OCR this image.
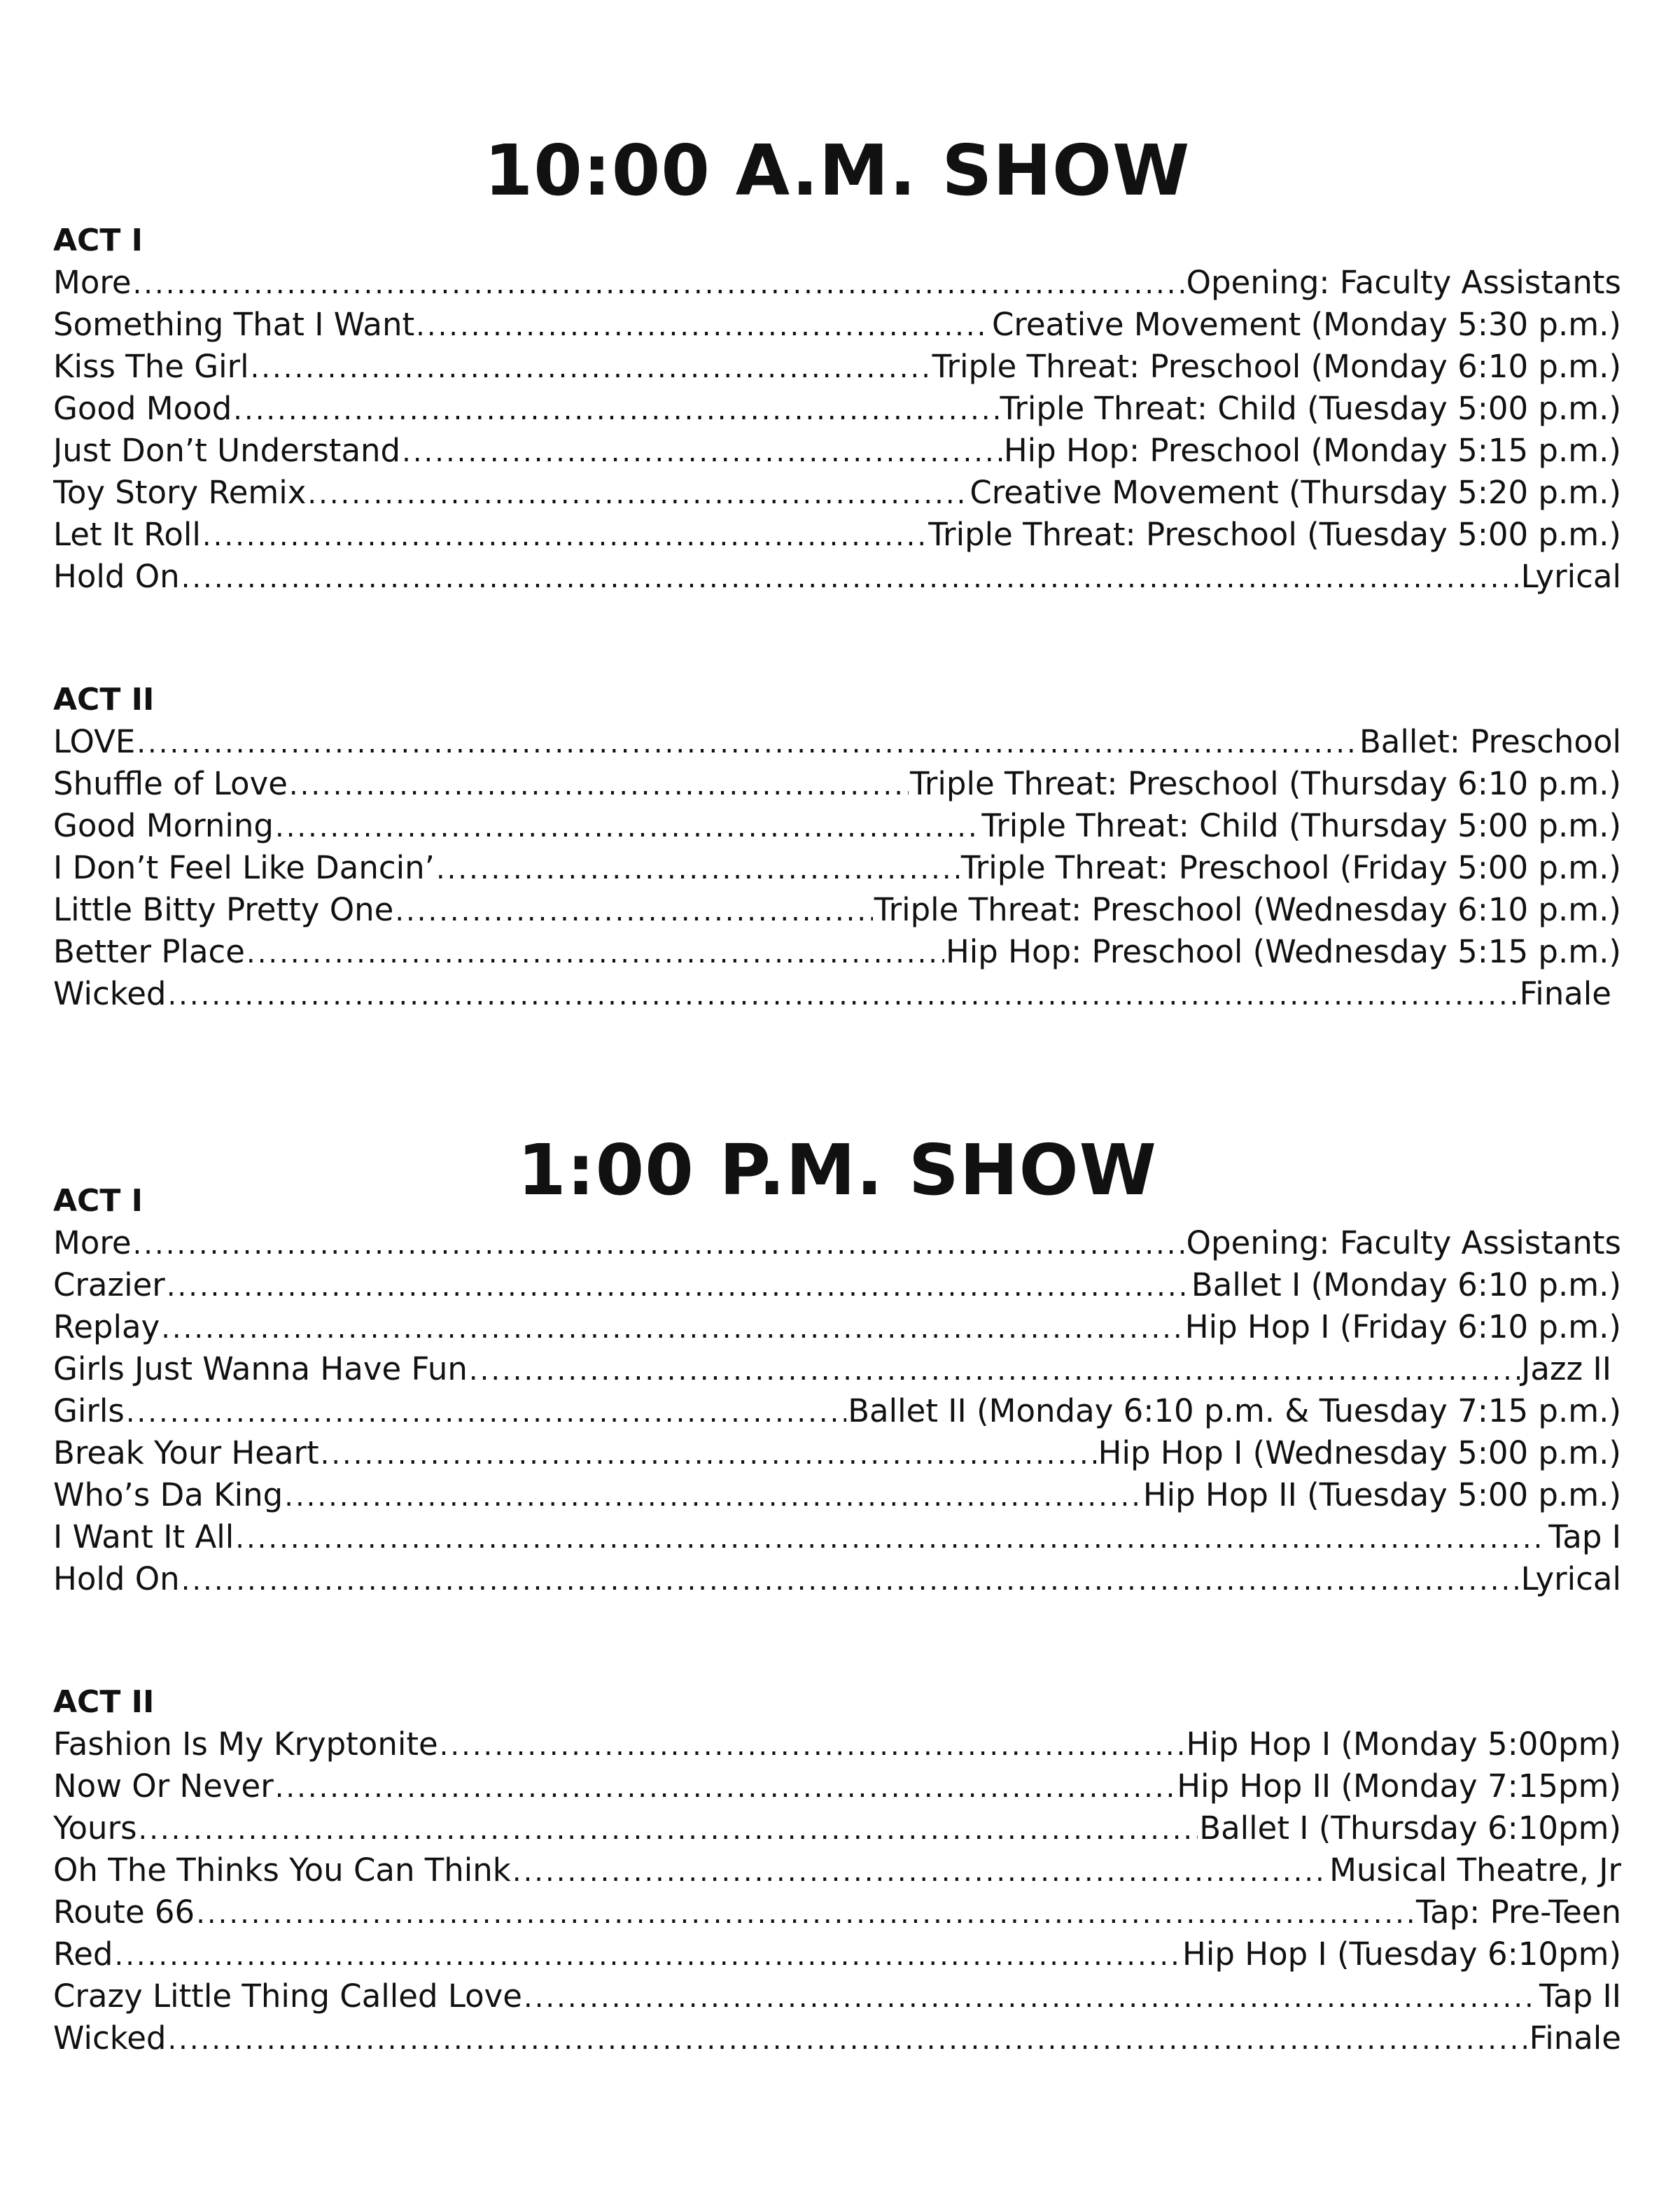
10:00 A.M. SHOW
ACT I
More .....	Opening: Faculty Assistants
Something That I Want .....	Creative Movement (Monday 5:30 p.m.)
Kiss The Girl .....	Triple Threat: Preschool (Monday 6:10 p.m.)
Good Mood .....	Triple Threat: Child (Tuesday 5:00 p.m.)
Just Don’t Understand .....	Hip Hop: Preschool (Monday 5:15 p.m.)
Toy Story Remix .....	Creative Movement (Thursday 5:20 p.m.)
Let It Roll .....	Triple Threat: Preschool (Tuesday 5:00 p.m.)
Hold On .....	Lyrical
ACT II
LOVE .....	Ballet: Preschool
Shuffle of Love .....	Triple Threat: Preschool (Thursday 6:10 p.m.)
Good Morning .....	Triple Threat: Child (Thursday 5:00 p.m.)
I Don’t Feel Like Dancin’ .....	Triple Threat: Preschool (Friday 5:00 p.m.)
Little Bitty Pretty One .....	Triple Threat: Preschool (Wednesday 6:10 p.m.)
Better Place .....	Hip Hop: Preschool (Wednesday 5:15 p.m.)
Wicked .....	Finale
1:00 P.M. SHOW
ACT I
More .....	Opening: Faculty Assistants
Crazier .....	Ballet I (Monday 6:10 p.m.)
Replay .....	Hip Hop I (Friday 6:10 p.m.)
Girls Just Wanna Have Fun .....	Jazz II
Girls .....	Ballet II (Monday 6:10 p.m. & Tuesday 7:15 p.m.)
Break Your Heart .....	Hip Hop I (Wednesday 5:00 p.m.)
Who’s Da King .....	Hip Hop II (Tuesday 5:00 p.m.)
I Want It All .....	Tap I
Hold On .....	Lyrical
ACT II
Fashion Is My Kryptonite .....	Hip Hop I (Monday 5:00pm)
Now Or Never .....	Hip Hop II (Monday 7:15pm)
Yours .....	Ballet I (Thursday 6:10pm)
Oh The Thinks You Can Think .....	Musical Theatre, Jr
Route 66 .....	Tap: Pre-Teen
Red .....	Hip Hop I (Tuesday 6:10pm)
Crazy Little Thing Called Love .....	Tap II
Wicked .....	Finale
